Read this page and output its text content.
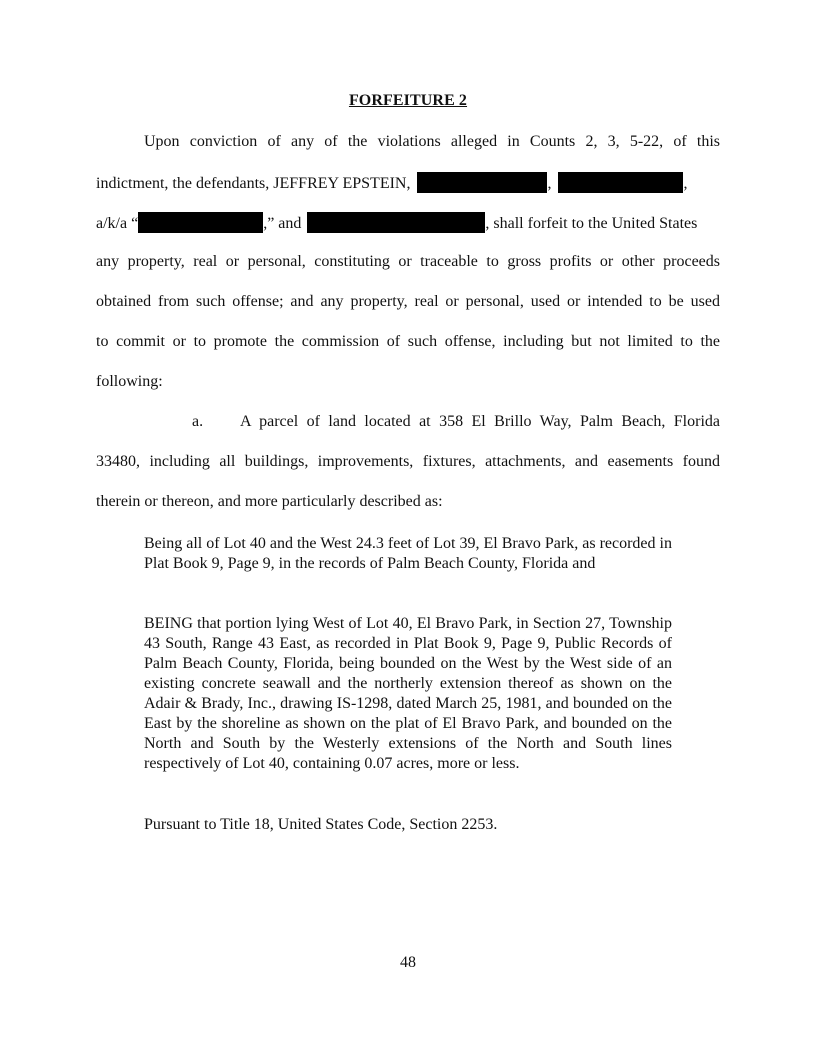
FORFEITURE 2
Upon conviction of any of the violations alleged in Counts 2, 3, 5-22, of this
indictment, the defendants, JEFFREY EPSTEIN,	,	,
a/k/a “	,” and	, shall forfeit to the United States
any property, real or personal, constituting or traceable to gross profits or other proceeds
obtained from such offense; and any property, real or personal, used or intended to be used
to commit or to promote the commission of such offense, including but not limited to the
following:
a.	A parcel of land located at 358 El Brillo Way, Palm Beach, Florida
33480, including all buildings, improvements, fixtures, attachments, and easements found
therein or thereon, and more particularly described as:
Being all of Lot 40 and the West 24.3 feet of Lot 39, El Bravo Park, as recorded in Plat Book 9, Page 9, in the records of Palm Beach County, Florida and
BEING that portion lying West of Lot 40, El Bravo Park, in Section 27, Township 43 South, Range 43 East, as recorded in Plat Book 9, Page 9, Public Records of Palm Beach County, Florida, being bounded on the West by the West side of an existing concrete seawall and the northerly extension thereof as shown on the Adair & Brady, Inc., drawing IS-1298, dated March 25, 1981, and bounded on the East by the shoreline as shown on the plat of El Bravo Park, and bounded on the North and South by the Westerly extensions of the North and South lines respectively of Lot 40, containing 0.07 acres, more or less.
Pursuant to Title 18, United States Code, Section 2253.
48
